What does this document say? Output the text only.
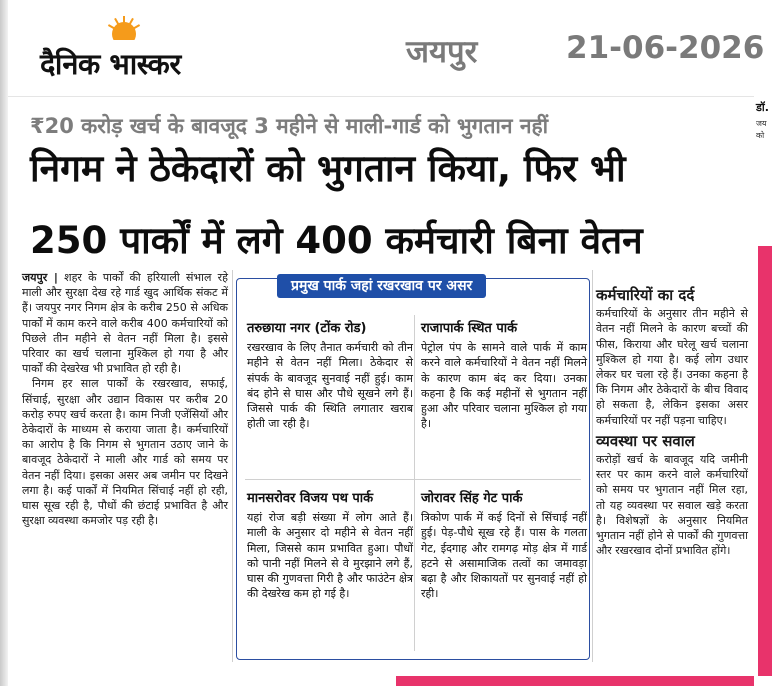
दैनिक भास्कर	जयपुर	21-06-2026
डॉ.
जय
को
₹20 करोड़ खर्च के बावजूद 3 महीने से माली-गार्ड को भुगतान नहीं
निगम ने ठेकेदारों को भुगतान किया, फिर भी
250 पार्कों में लगे 400 कर्मचारी बिना वेतन

जयपुर | शहर के पार्कों की हरियाली संभाल रहे माली और सुरक्षा देख रहे गार्ड खुद आर्थिक संकट में हैं। जयपुर नगर निगम क्षेत्र के करीब 250 से अधिक पार्कों में काम करने वाले करीब 400 कर्मचारियों को पिछले तीन महीने से वेतन नहीं मिला है। इससे परिवार का खर्च चलाना मुश्किल हो गया है और पार्कों की देखरेख भी प्रभावित हो रही है।

निगम हर साल पार्कों के रखरखाव, सफाई, सिंचाई, सुरक्षा और उद्यान विकास पर करीब 20 करोड़ रुपए खर्च करता है। काम निजी एजेंसियों और ठेकेदारों के माध्यम से कराया जाता है। कर्मचारियों का आरोप है कि निगम से भुगतान उठाए जाने के बावजूद ठेकेदारों ने माली और गार्ड को समय पर वेतन नहीं दिया। इसका असर अब जमीन पर दिखने लगा है। कई पार्कों में नियमित सिंचाई नहीं हो रही, घास सूख रही है, पौधों की छंटाई प्रभावित है और सुरक्षा व्यवस्था कमजोर पड़ रही है।

प्रमुख पार्क जहां रखरखाव पर असर
तरुछाया नगर (टोंक रोड)

रखरखाव के लिए तैनात कर्मचारी को तीन महीने से वेतन नहीं मिला। ठेकेदार से संपर्क के बावजूद सुनवाई नहीं हुई। काम बंद होने से घास और पौधे सूखने लगे हैं। जिससे पार्क की स्थिति लगातार खराब होती जा रही है।

राजापार्क स्थित पार्क

पेट्रोल पंप के सामने वाले पार्क में काम करने वाले कर्मचारियों ने वेतन नहीं मिलने के कारण काम बंद कर दिया। उनका कहना है कि कई महीनों से भुगतान नहीं हुआ और परिवार चलाना मुश्किल हो गया है।

मानसरोवर विजय पथ पार्क

यहां रोज बड़ी संख्या में लोग आते हैं। माली के अनुसार दो महीने से वेतन नहीं मिला, जिससे काम प्रभावित हुआ। पौधों को पानी नहीं मिलने से वे मुरझाने लगे हैं, घास की गुणवत्ता गिरी है और फाउंटेन क्षेत्र की देखरेख कम हो गई है।

जोरावर सिंह गेट पार्क

त्रिकोण पार्क में कई दिनों से सिंचाई नहीं हुई। पेड़-पौधे सूख रहे हैं। पास के गलता गेट, ईदगाह और रामगढ़ मोड़ क्षेत्र में गार्ड हटने से असामाजिक तत्वों का जमावड़ा बढ़ा है और शिकायतों पर सुनवाई नहीं हो रही।

कर्मचारियों का दर्द

कर्मचारियों के अनुसार तीन महीने से वेतन नहीं मिलने के कारण बच्चों की फीस, किराया और घरेलू खर्च चलाना मुश्किल हो गया है। कई लोग उधार लेकर घर चला रहे हैं। उनका कहना है कि निगम और ठेकेदारों के बीच विवाद हो सकता है, लेकिन इसका असर कर्मचारियों पर नहीं पड़ना चाहिए।

व्यवस्था पर सवाल

करोड़ों खर्च के बावजूद यदि जमीनी स्तर पर काम करने वाले कर्मचारियों को समय पर भुगतान नहीं मिल रहा, तो यह व्यवस्था पर सवाल खड़े करता है। विशेषज्ञों के अनुसार नियमित भुगतान नहीं होने से पार्कों की गुणवत्ता और रखरखाव दोनों प्रभावित होंगे।
